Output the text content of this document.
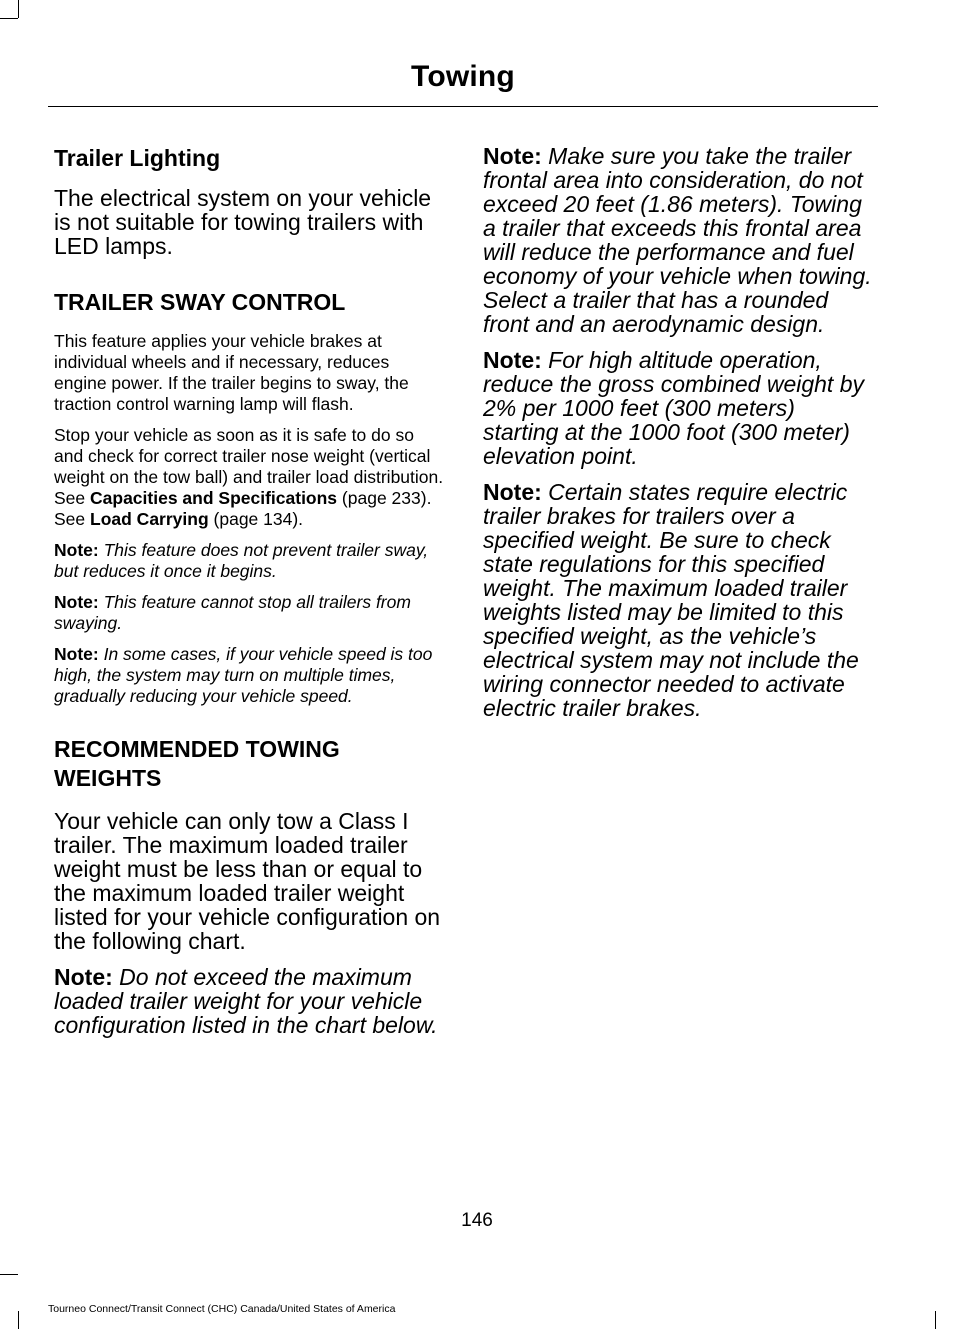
Towing
Trailer Lighting

The electrical system on your vehicle is not suitable for towing trailers with LED lamps.

TRAILER SWAY CONTROL

This feature applies your vehicle brakes at individual wheels and if necessary, reduces engine power. If the trailer begins to sway, the traction control warning lamp will flash.

Stop your vehicle as soon as it is safe to do so and check for correct trailer nose weight (vertical weight on the tow ball) and trailer load distribution. See Capacities and Specifications (page 233). See Load Carrying (page 134).

Note: This feature does not prevent trailer sway, but reduces it once it begins.

Note: This feature cannot stop all trailers from swaying.

Note: In some cases, if your vehicle speed is too high, the system may turn on multiple times, gradually reducing your vehicle speed.

RECOMMENDED TOWING WEIGHTS

Your vehicle can only tow a Class I trailer. The maximum loaded trailer weight must be less than or equal to the maximum loaded trailer weight listed for your vehicle configuration on the following chart.

Note: Do not exceed the maximum loaded trailer weight for your vehicle configuration listed in the chart below.

Note: Make sure you take the trailer frontal area into consideration, do not exceed 20 feet (1.86 meters). Towing a trailer that exceeds this frontal area will reduce the performance and fuel economy of your vehicle when towing. Select a trailer that has a rounded front and an aerodynamic design.

Note: For high altitude operation, reduce the gross combined weight by 2% per 1000 feet (300 meters) starting at the 1000 foot (300 meter) elevation point.

Note: Certain states require electric trailer brakes for trailers over a specified weight. Be sure to check state regulations for this specified weight. The maximum loaded trailer weights listed may be limited to this specified weight, as the vehicle’s electrical system may not include the wiring connector needed to activate electric trailer brakes.

146
Tourneo Connect/Transit Connect (CHC) Canada/United States of America
